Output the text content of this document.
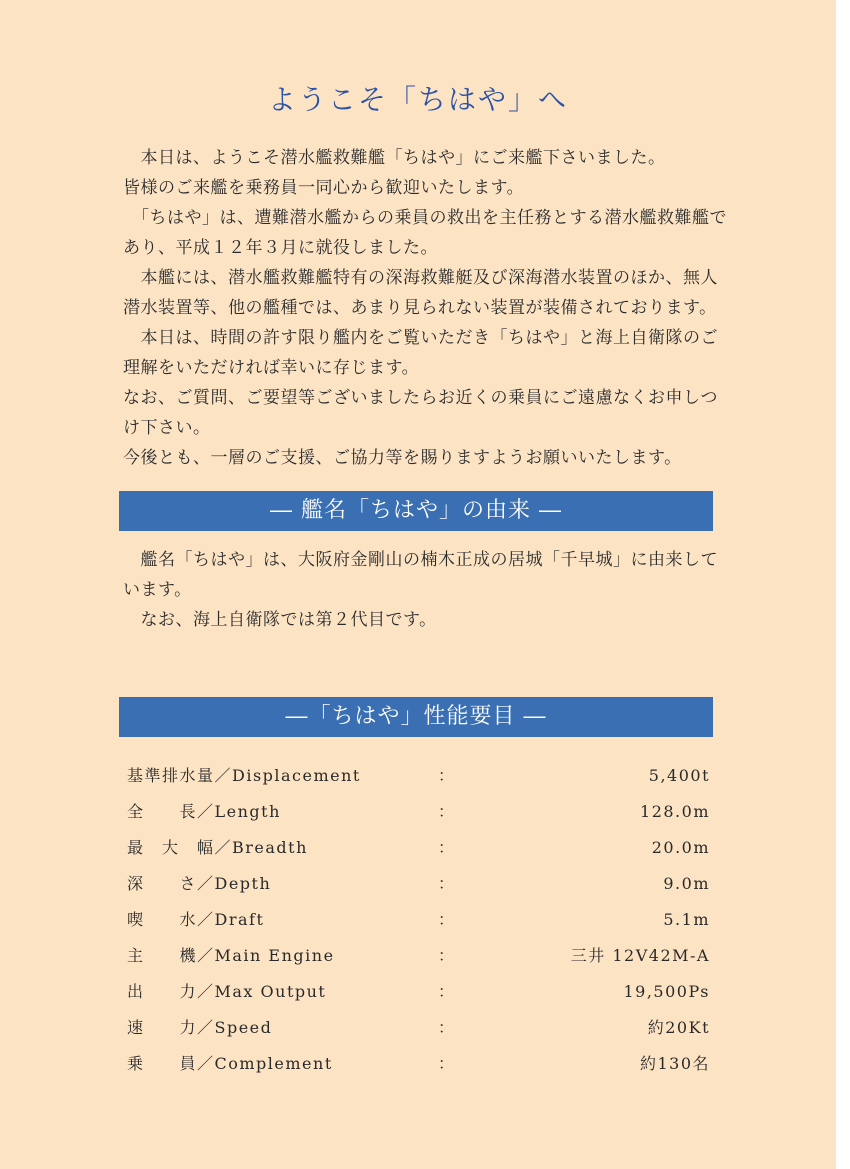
ようこそ「ちはや」へ

　本日は、ようこそ潜水艦救難艦「ちはや」にご来艦下さいました。

皆様のご来艦を乗務員一同心から歓迎いたします。

　「ちはや」は、遭難潜水艦からの乗員の救出を主任務とする潜水艦救難艦で

あり、平成１２年３月に就役しました。

　本艦には、潜水艦救難艦特有の深海救難艇及び深海潜水装置のほか、無人

潜水装置等、他の艦種では、あまり見られない装置が装備されております。

　本日は、時間の許す限り艦内をご覧いただき「ちはや」と海上自衛隊のご

理解をいただければ幸いに存じます。

なお、ご質問、ご要望等ございましたらお近くの乗員にご遠慮なくお申しつ

け下さい。

今後とも、一層のご支援、ご協力等を賜りますようお願いいたします。

― 艦名「ちはや」の由来 ―

　艦名「ちはや」は、大阪府金剛山の楠木正成の居城「千早城」に由来して

います。

　なお、海上自衛隊では第２代目です。

―「ちはや」性能要目 ―
基準排水量／Displacement	：	5,400t
全　　長／Length	：	128.0m
最　大　幅／Breadth	：	20.0m
深　　さ／Depth	：	9.0m
喫　　水／Draft	：	5.1m
主　　機／Main Engine	：	三井 12V42M-A
出　　力／Max Output	：	19,500Ps
速　　力／Speed	：	約20Kt
乗　　員／Complement	：	約130名
